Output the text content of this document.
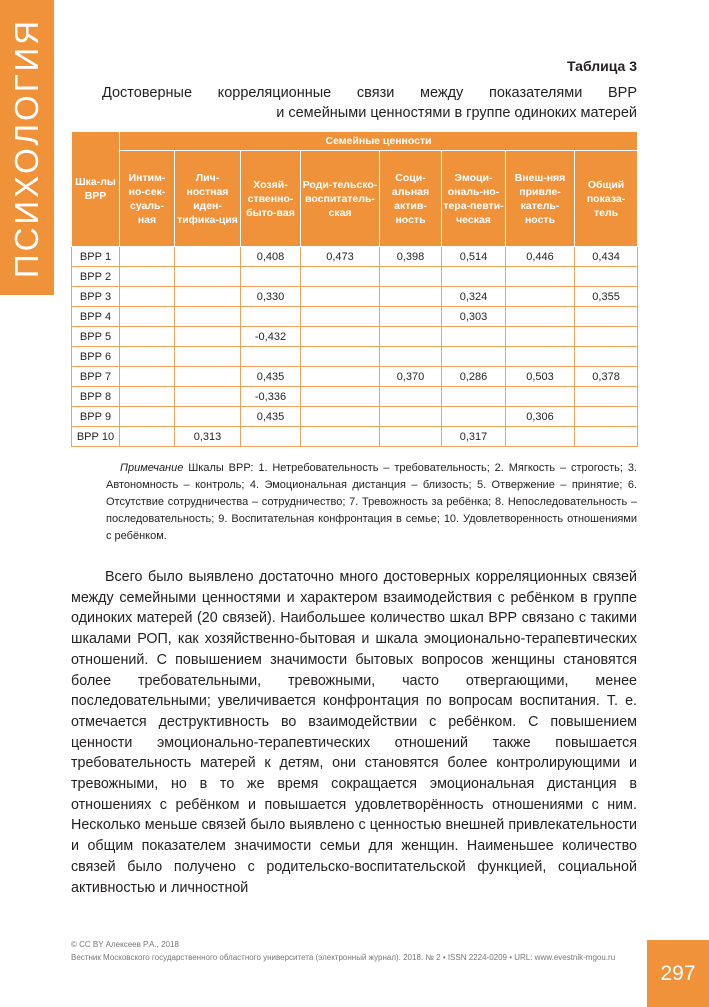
ПСИХОЛОГИЯ	Таблица 3
Достоверные корреляционные связи между показателями ВРР
и семейными ценностями в группе одиноких матерей
Шка-лы ВРР	Семейные ценности							
	Интим-но-сек-суаль-ная	Лич-ностная иден-тифика-ция	Хозяй-ственно-быто-вая	Роди-тельско-воспитатель-ская	Соци-альная актив-ность	Эмоци-ональ-но-тера-певти-ческая	Внеш-няя привле-катель-ность	Общий показа-тель
ВРР 1			0,408	0,473	0,398	0,514	0,446	0,434
ВРР 2								
ВРР 3			0,330			0,324		0,355
ВРР 4						0,303		
ВРР 5			-0,432					
ВРР 6								
ВРР 7			0,435		0,370	0,286	0,503	0,378
ВРР 8			-0,336					
ВРР 9			0,435				0,306	
ВРР 10		0,313				0,317		
Примечание Шкалы ВРР: 1. Нетребовательность – требовательность; 2. Мягкость – строгость; 3. Автономность – контроль; 4. Эмоциональная дистанция – близость; 5. Отвержение – принятие; 6. Отсутствие сотрудничества – сотрудничество; 7. Тревожность за ребёнка; 8. Непоследовательность – последовательность; 9. Воспитательная конфронтация в семье; 10. Удовлетворенность отношениями с ребёнком.
Всего было выявлено достаточно много достоверных корреляционных связей между семейными ценностями и характером взаимодействия с ребёнком в группе одиноких матерей (20 связей). Наибольшее количество шкал ВРР связано с такими шкалами РОП, как хозяйственно-бытовая и шкала эмоционально-терапевтических отношений. С повышением значимости бытовых вопросов женщины становятся более требовательными, тревожными, часто отвергающими, менее последовательными; увеличивается конфронтация по вопросам воспитания. Т. е. отмечается деструктивность во взаимодействии с ребёнком. С повышением ценности эмоционально-терапевтических отношений также повышается требовательность матерей к детям, они становятся более контролирующими и тревожными, но в то же время сокращается эмоциональная дистанция в отношениях с ребёнком и повышается удовлетворённость отношениями с ним. Несколько меньше связей было выявлено с ценностью внешней привлекательности и общим показателем значимости семьи для женщин. Наименьшее количество связей было получено с родительско-воспитательской функцией, социальной активностью и личностной
© CC BY Алексеев Р.А., 2018
Вестник Московского государственного областного университета (электронный журнал). 2018. № 2 • ISSN 2224-0209 • URL: www.evestnik-mgou.ru
297
